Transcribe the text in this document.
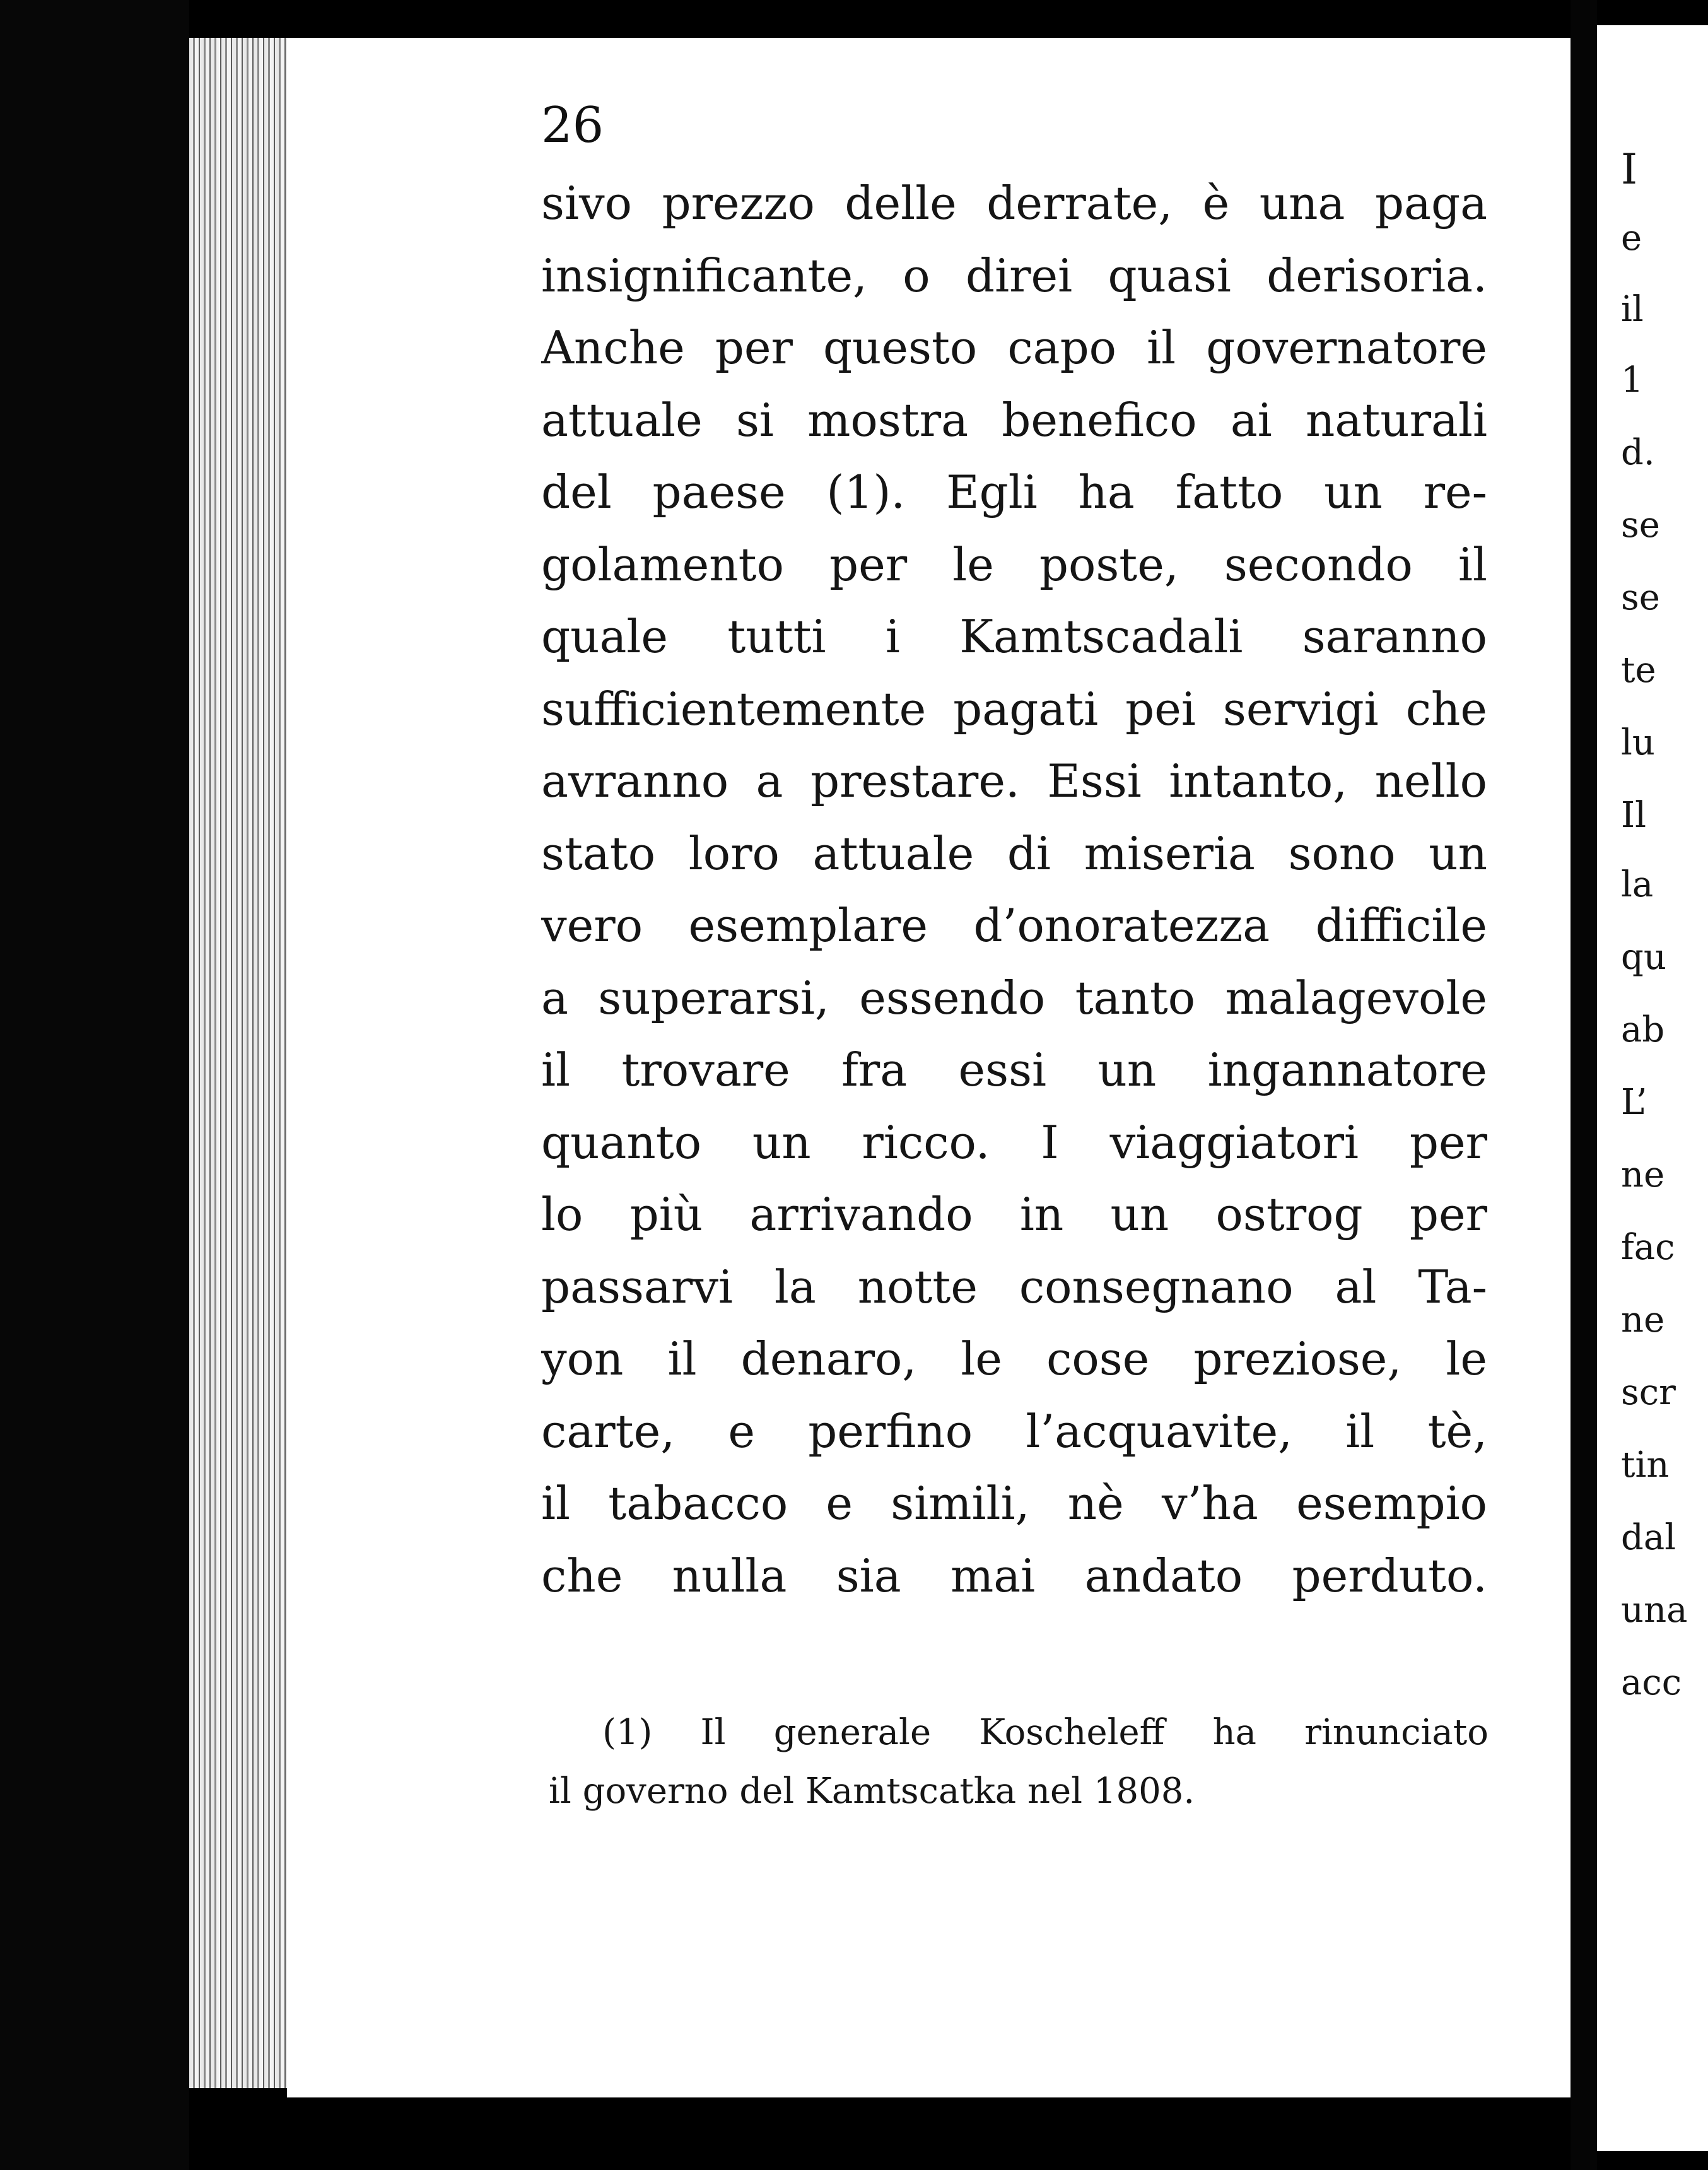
26
sivo prezzo delle derrate, è una paga
insignificante, o direi quasi derisoria.
Anche per questo capo il governatore
attuale si mostra benefico ai naturali
del paese (1). Egli ha fatto un re-
golamento per le poste, secondo il
quale tutti i Kamtscadali saranno
sufficientemente pagati pei servigi che
avranno a prestare. Essi intanto, nello
stato loro attuale di miseria sono un
vero esemplare d’onoratezza difficile
a superarsi, essendo tanto malagevole
il trovare fra essi un ingannatore
quanto un ricco. I viaggiatori per
lo più arrivando in un ostrog per
passarvi la notte consegnano al Ta-
yon il denaro, le cose preziose, le
carte, e perfino l’acquavite, il tè,
il tabacco e simili, nè v’ha esempio
che nulla sia mai andato perduto.
(1) Il generale Koscheleff ha rinunciato
il governo del Kamtscatka nel 1808.
I
e
il
1
d.
se
se
te
lu
Il
la
qu
ab
L’
ne
fac
ne
scr
tin
dal
una
acc
